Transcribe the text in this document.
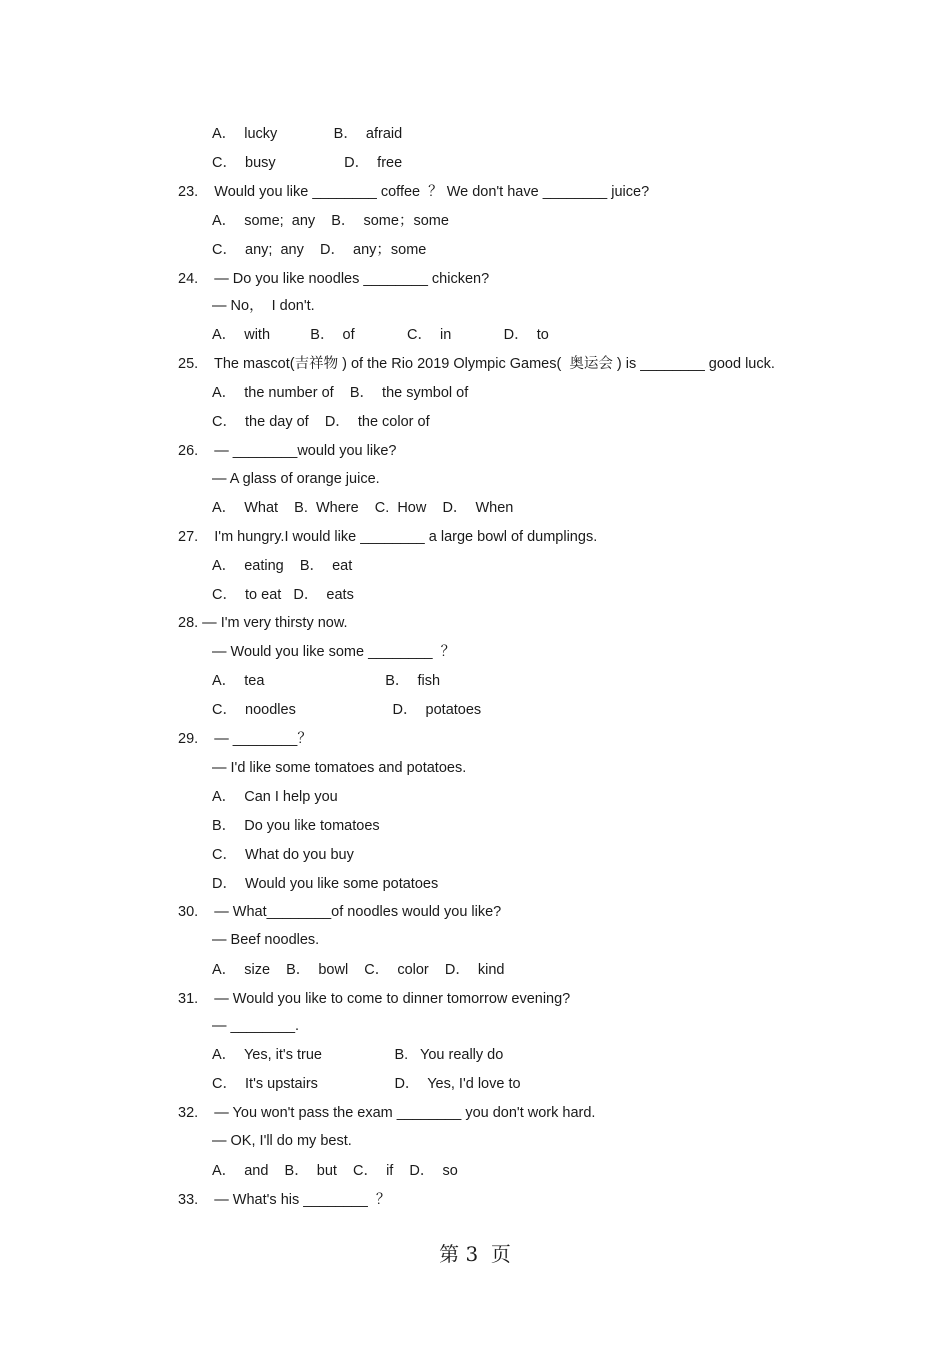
A．  lucky              B．  afraid
C．  busy                 D．  free
23.    Would you like ________ coffee  ？ We don't have ________ juice?
A．  some;  any    B．  some；some
C．  any;  any    D．  any；some
24.    — Do you like noodles ________ chicken?
— No，  I don't.
A．  with          B．  of             C．  in             D．  to
25.    The mascot(吉祥物 ) of the Rio 2019 Olympic Games(  奥运会 ) is ________ good luck.
A．  the number of    B．  the symbol of
C．  the day of    D．  the color of
26.    — ________would you like?
— A glass of orange juice.
A．  What    B.  Where    C.  How    D．  When
27.    I'm hungry.I would like ________ a large bowl of dumplings.
A．  eating    B．  eat
C．  to eat   D．  eats
28. — I'm very thirsty now.
— Would you like some ________  ？
A．  tea                              B．  fish
C．  noodles                        D．  potatoes
29.    — ________？
— I'd like some tomatoes and potatoes.
A．  Can I help you
B．  Do you like tomatoes
C．  What do you buy
D．  Would you like some potatoes
30.    — What________of noodles would you like?
— Beef noodles.
A．  size    B．  bowl    C．  color    D．  kind
31.    — Would you like to come to dinner tomorrow evening?
— ________.
A．  Yes, it's true                  B.   You really do
C．  It's upstairs                   D．  Yes, I'd love to
32.    — You won't pass the exam ________ you don't work hard.
— OK, I'll do my best.
A．  and    B．  but    C．  if    D．  so
33.    — What's his ________  ？
第 3  页
